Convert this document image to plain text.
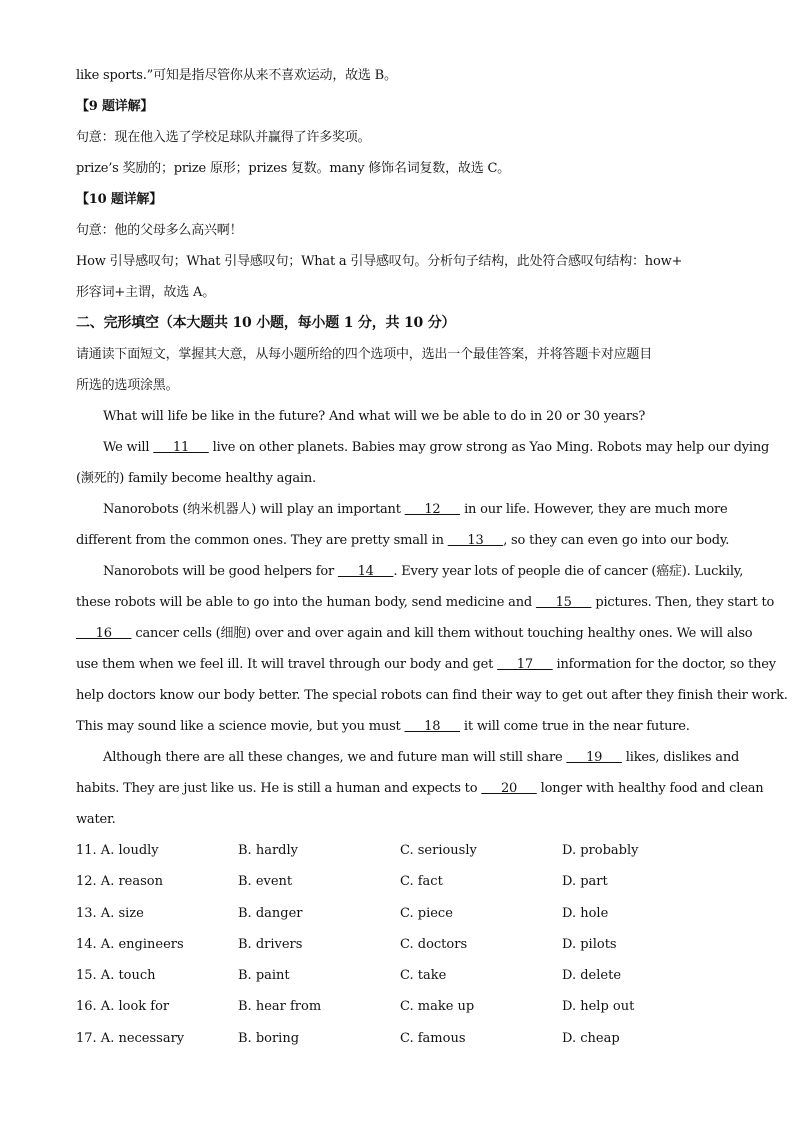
like sports.”可知是指尽管你从来不喜欢运动，故选 B。
【9 题详解】
句意：现在他入选了学校足球队并赢得了许多奖项。
prize’s 奖励的；prize 原形；prizes 复数。many 修饰名词复数，故选 C。
【10 题详解】
句意：他的父母多么高兴啊！
How 引导感叹句；What 引导感叹句；What a 引导感叹句。分析句子结构，此处符合感叹句结构：how+
形容词+主谓，故选 A。
二、完形填空（本大题共 10 小题，每小题 1 分，共 10 分）
请通读下面短文，掌握其大意，从每小题所给的四个选项中，选出一个最佳答案，并将答题卡对应题目
所选的选项涂黑。
What will life be like in the future? And what will we be able to do in 20 or 30 years?
We will      11      live on other planets. Babies may grow strong as Yao Ming. Robots may help our dying
(濒死的) family become healthy again.
Nanorobots (纳米机器人) will play an important      12      in our life. However, they are much more
different from the common ones. They are pretty small in      13     , so they can even go into our body.
Nanorobots will be good helpers for      14     . Every year lots of people die of cancer (癌症). Luckily,
these robots will be able to go into the human body, send medicine and      15      pictures. Then, they start to
16      cancer cells (细胞) over and over again and kill them without touching healthy ones. We will also
use them when we feel ill. It will travel through our body and get      17      information for the doctor, so they
help doctors know our body better. The special robots can find their way to get out after they finish their work.
This may sound like a science movie, but you must      18      it will come true in the near future.
Although there are all these changes, we and future man will still share      19      likes, dislikes and
habits. They are just like us. He is still a human and expects to      20      longer with healthy food and clean
water.
11. A. loudly	B. hardly	C. seriously	D. probably
12. A. reason	B. event	C. fact	D. part
13. A. size	B. danger	C. piece	D. hole
14. A. engineers	B. drivers	C. doctors	D. pilots
15. A. touch	B. paint	C. take	D. delete
16. A. look for	B. hear from	C. make up	D. help out
17. A. necessary	B. boring	C. famous	D. cheap
